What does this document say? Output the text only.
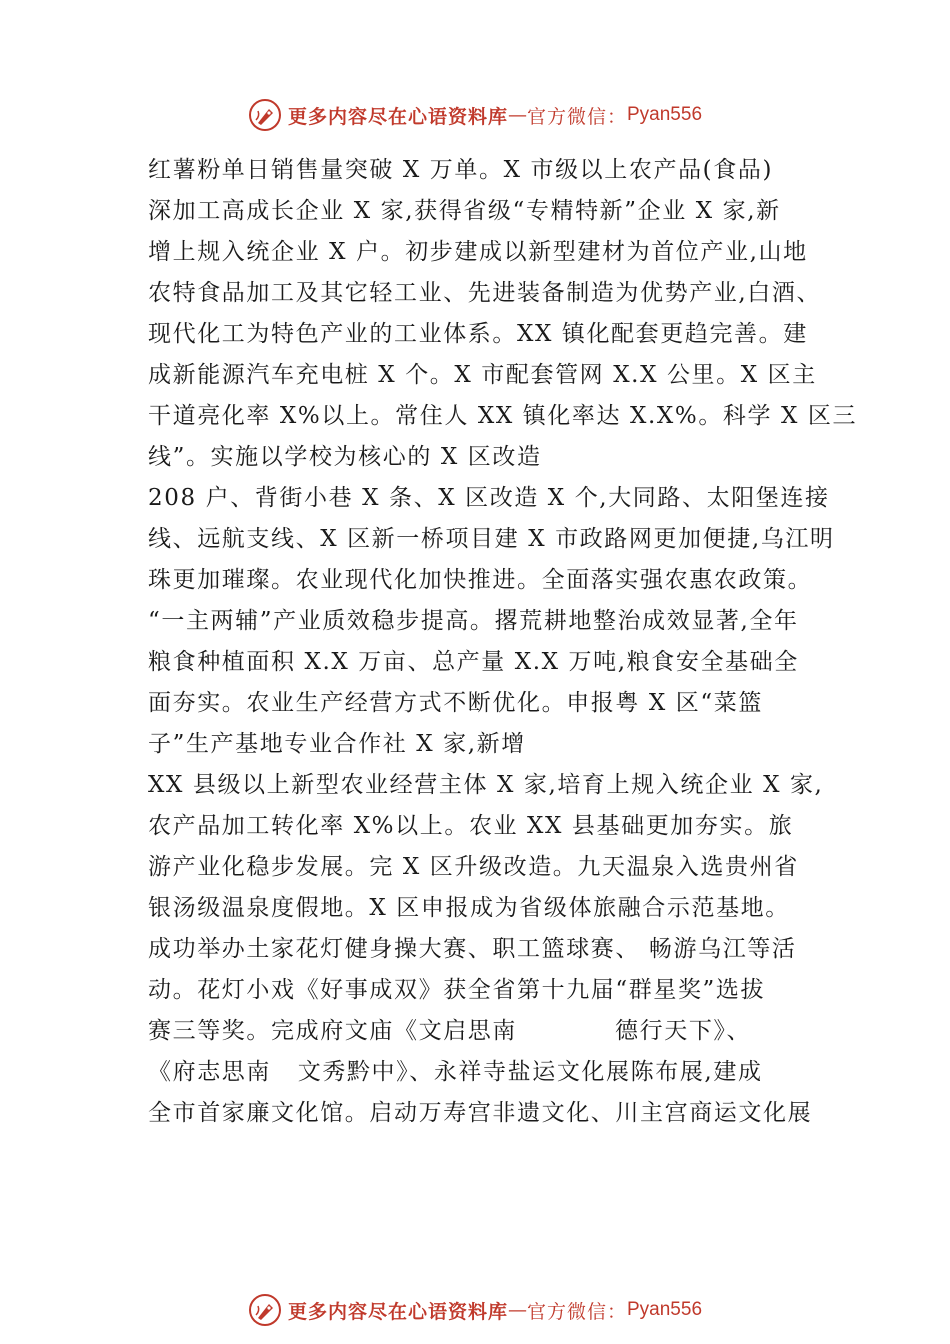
更多内容尽在心语资料库 — 官方微信： Pyan556
红薯粉单日销售量突破 X 万单。X 市级以上农产品(食品)
深加工高成长企业 X 家,获得省级“专精特新”企业 X 家,新
增上规入统企业 X 户。初步建成以新型建材为首位产业,山地
农特食品加工及其它轻工业、先进装备制造为优势产业,白酒、
现代化工为特色产业的工业体系。XX 镇化配套更趋完善。建
成新能源汽车充电桩 X 个。X 市配套管网 X.X 公里。X 区主
干道亮化率 X%以上。常住人 XX 镇化率达 X.X%。科学 X 区三
线”。实施以学校为核心的 X 区改造
208 户、背街小巷 X 条、X 区改造 X 个,大同路、太阳堡连接
线、远航支线、X 区新一桥项目建 X 市政路网更加便捷,乌江明
珠更加璀璨。农业现代化加快推进。全面落实强农惠农政策。
“一主两辅”产业质效稳步提高。撂荒耕地整治成效显著,全年
粮食种植面积 X.X 万亩、总产量 X.X 万吨,粮食安全基础全
面夯实。农业生产经营方式不断优化。申报粤 X 区“菜篮
子”生产基地专业合作社 X 家,新增
XX 县级以上新型农业经营主体 X 家,培育上规入统企业 X 家,
农产品加工转化率 X%以上。农业 XX 县基础更加夯实。旅
游产业化稳步发展。完 X 区升级改造。九天温泉入选贵州省
银汤级温泉度假地。X 区申报成为省级体旅融合示范基地。
成功举办土家花灯健身操大赛、职工篮球赛、 畅游乌江等活
动。花灯小戏《好事成双》获全省第十九届“群星奖”选拔
赛三等奖。完成府文庙《文启思南           德行天下》、
《府志思南   文秀黔中》、永祥寺盐运文化展陈布展,建成
全市首家廉文化馆。启动万寿宫非遗文化、川主宫商运文化展
更多内容尽在心语资料库 — 官方微信： Pyan556
